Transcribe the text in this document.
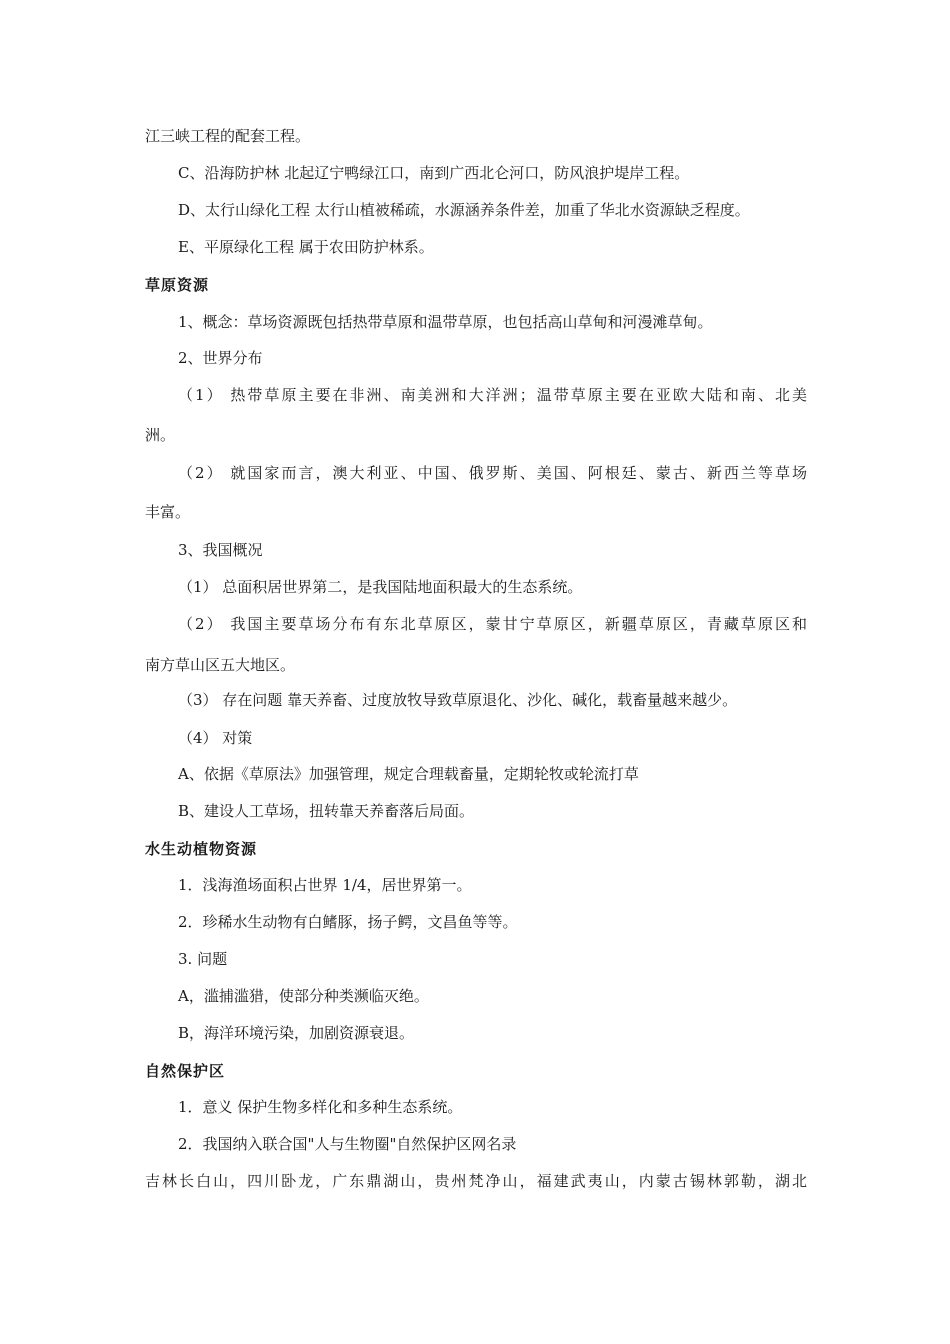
江三峡工程的配套工程。
C、沿海防护林 北起辽宁鸭绿江口，南到广西北仑河口，防风浪护堤岸工程。
D、太行山绿化工程 太行山植被稀疏，水源涵养条件差，加重了华北水资源缺乏程度。
E、平原绿化工程 属于农田防护林系。
草原资源
1、概念：草场资源既包括热带草原和温带草原，也包括高山草甸和河漫滩草甸。
2、世界分布
（1） 热带草原主要在非洲、南美洲和大洋洲；温带草原主要在亚欧大陆和南、北美
洲。
（2） 就国家而言，澳大利亚、中国、俄罗斯、美国、阿根廷、蒙古、新西兰等草场
丰富。
3、我国概况
（1） 总面积居世界第二，是我国陆地面积最大的生态系统。
（2） 我国主要草场分布有东北草原区，蒙甘宁草原区，新疆草原区，青藏草原区和
南方草山区五大地区。
（3） 存在问题 靠天养畜、过度放牧导致草原退化、沙化、碱化，载畜量越来越少。
（4） 对策
A、依据《草原法》加强管理，规定合理载畜量，定期轮牧或轮流打草
B、建设人工草场，扭转靠天养畜落后局面。
水生动植物资源
1．浅海渔场面积占世界 1/4，居世界第一。
2．珍稀水生动物有白鳍豚，扬子鳄，文昌鱼等等。
3. 问题
A，滥捕滥猎，使部分种类濒临灭绝。
B，海洋环境污染，加剧资源衰退。
自然保护区
1．意义 保护生物多样化和多种生态系统。
2．我国纳入联合国"人与生物圈"自然保护区网名录
吉林长白山，四川卧龙，广东鼎湖山，贵州梵净山，福建武夷山，内蒙古锡林郭勒，湖北
